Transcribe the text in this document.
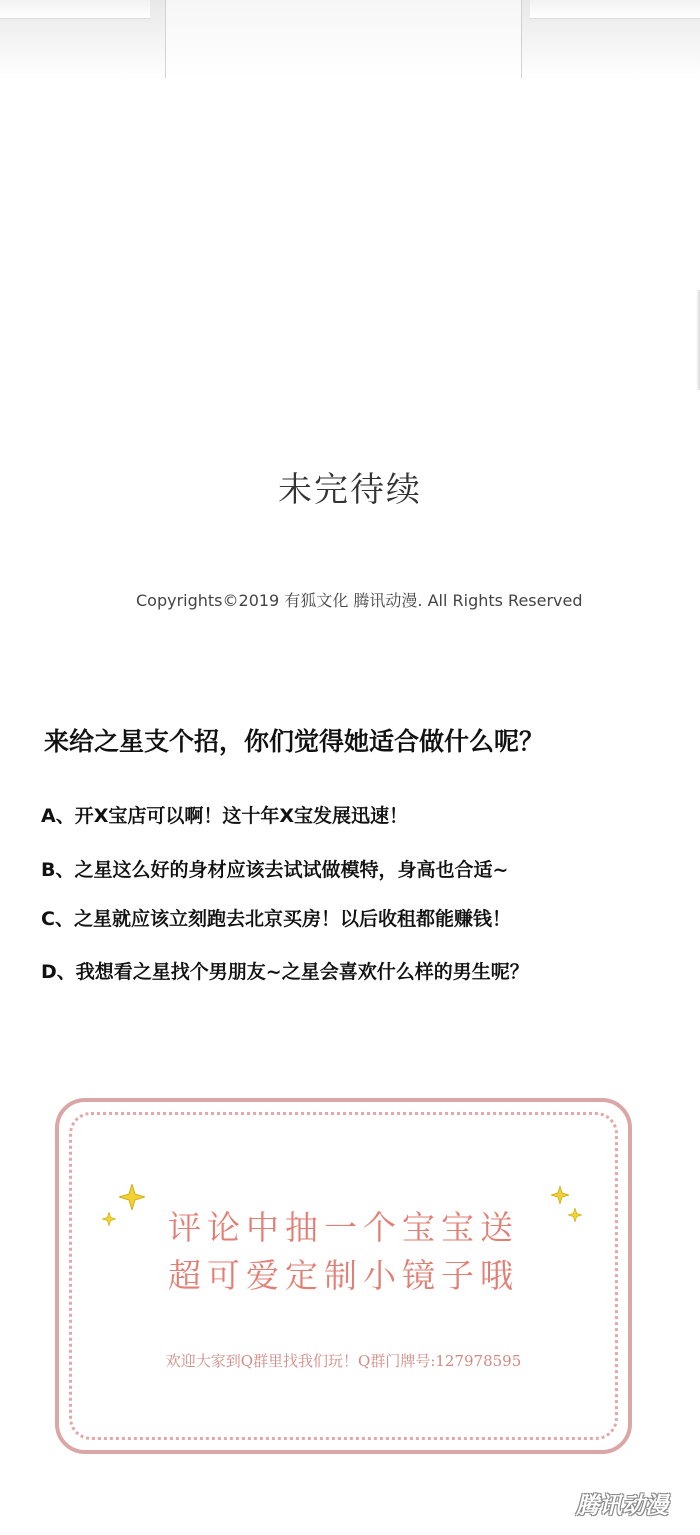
未完待续
Copyrights©2019 有狐文化 腾讯动漫. All Rights Reserved
来给之星支个招，你们觉得她适合做什么呢？
A、开X宝店可以啊！这十年X宝发展迅速！
B、之星这么好的身材应该去试试做模特，身高也合适~
C、之星就应该立刻跑去北京买房！以后收租都能赚钱！
D、我想看之星找个男朋友~之星会喜欢什么样的男生呢？
评论中抽一个宝宝送
超可爱定制小镜子哦
欢迎大家到Q群里找我们玩！Q群门牌号:127978595
腾讯动漫
